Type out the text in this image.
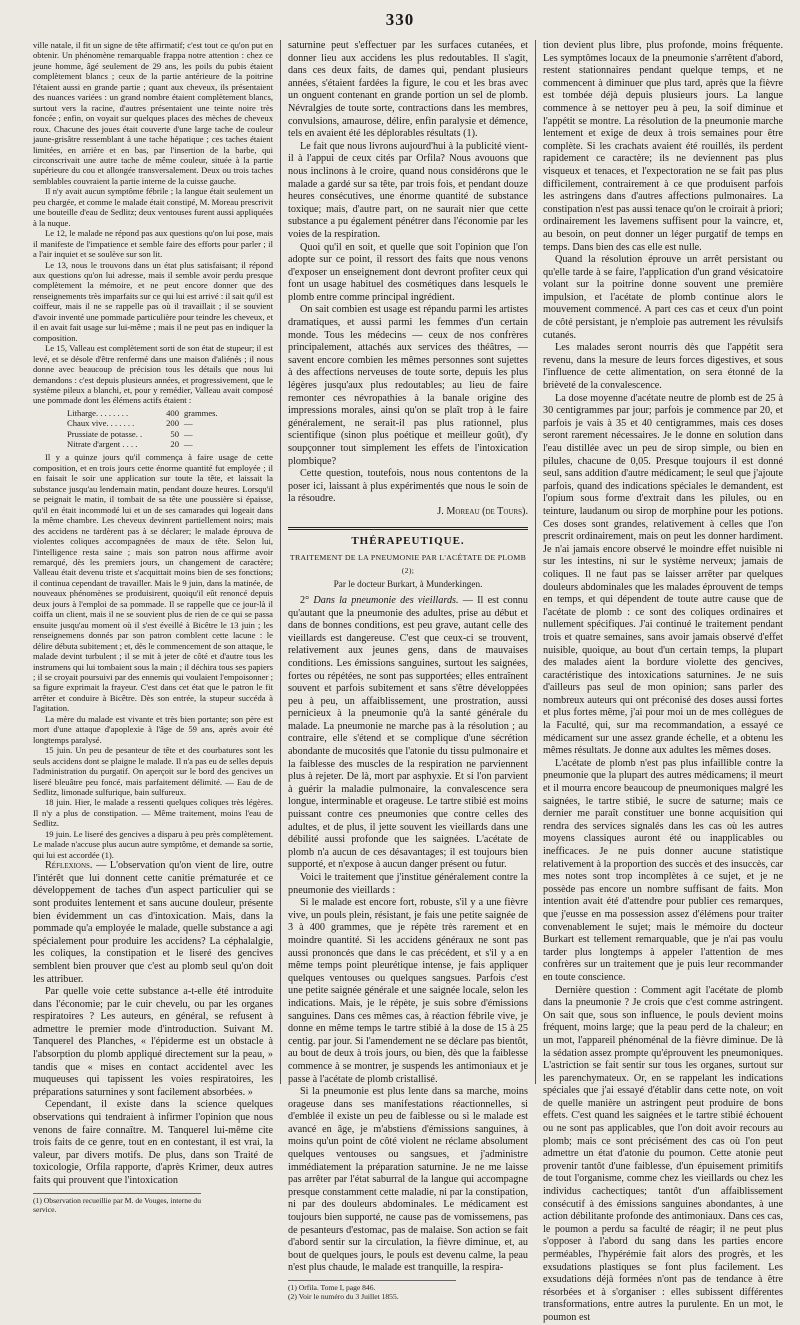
330

ville natale, il fit un signe de tête affirmatif; c'est tout ce qu'on put en obtenir. Un phénomène remarquable frappa notre attention : chez ce jeune homme, âgé seulement de 29 ans, les poils du pubis étaient complètement blancs ; ceux de la partie antérieure de la poitrine l'étaient aussi en grande partie ; quant aux cheveux, ils présentaient des nuances variées : un grand nombre étaient complètement blancs, surtout vers la racine, d'autres présentaient une teinte noire très foncée ; enfin, on voyait sur quelques places des mèches de cheveux roux. Chacune des joues était couverte d'une large tache de couleur jaune-grisâtre ressemblant à une tache hépatique ; ces taches étaient limitées, en arrière et en bas, par l'insertion de la barbe, qui circonscrivait une autre tache de même couleur, située à la partie supérieure du cou et allongée transversalement. Deux ou trois taches semblables couvraient la partie interne de la cuisse gauche.

Il n'y avait aucun symptôme fébrile ; la langue était seulement un peu chargée, et comme le malade était constipé, M. Moreau prescrivit une bouteille d'eau de Sedlitz; deux ventouses furent aussi appliquées à la nuque.

Le 12, le malade ne répond pas aux questions qu'on lui pose, mais il manifeste de l'impatience et semble faire des efforts pour parler ; il a l'air inquiet et se soulève sur son lit.

Le 13, nous le trouvons dans un état plus satisfaisant; il répond aux questions qu'on lui adresse, mais il semble avoir perdu presque complètement la mémoire, et ne peut encore donner que des renseignements très imparfaits sur ce qui lui est arrivé : il sait qu'il est coiffeur, mais il ne se rappelle pas où il travaillait ; il se souvient d'avoir inventé une pommade particulière pour teindre les cheveux, et il en avait fait usage sur lui-même ; mais il ne peut pas en indiquer la composition.

Le 15, Valleau est complètement sorti de son état de stupeur; il est levé, et se désole d'être renfermé dans une maison d'aliénés ; il nous donne avec beaucoup de précision tous les détails que nous lui demandons : c'est depuis plusieurs années, et progressivement, que le système pileux a blanchi, et, pour y remédier, Valleau avait composé une pommade dont les élémens actifs étaient :

Litharge. . . . . . . .	400 grammes.
Chaux vive. . . . . . .	200 —
Prussiate de potasse. .	50 —
Nitrate d'argent . . . .	20 —

Il y a quinze jours qu'il commença à faire usage de cette composition, et en trois jours cette énorme quantité fut employée ; il en faisait le soir une application sur toute la tête, et laissait la substance jusqu'au lendemain matin, pendant douze heures. Lorsqu'il se peignait le matin, il tombait de sa tête une poussière si épaisse, qu'il en était incommodé lui et un de ses camarades qui logeait dans la même chambre. Les cheveux devinrent partiellement noirs; mais des accidens ne tardèrent pas à se déclarer; le malade éprouva de violentes coliques accompagnées de maux de tête. Selon lui, l'intelligence resta saine ; mais son patron nous affirme avoir remarqué, dès les premiers jours, un changement de caractère; Valleau était devenu triste et s'acquittait moins bien de ses fonctions; il continua cependant de travailler. Mais le 9 juin, dans la matinée, de nouveaux phénomènes se produisirent, quoiqu'il eût renoncé depuis deux jours à l'emploi de sa pommade. Il se rappelle que ce jour-là il coiffa un client, mais il ne se souvient plus de rien de ce qui se passa ensuite jusqu'au moment où il s'est éveillé à Bicêtre le 13 juin ; les renseignemens donnés par son patron comblent cette lacune : le délire débuta subitement ; et, dès le commencement de son attaque, le malade devint turbulent ; il se mit à jeter de côté et d'autre tous les instrumens qui lui tombaient sous la main ; il déchira tous ses papiers ; il se croyait poursuivi par des ennemis qui voulaient l'empoisonner ; sa figure exprimait la frayeur. C'est dans cet état que le patron le fit arrêter et conduire à Bicêtre. Dès son entrée, la stupeur succéda à l'agitation.

La mère du malade est vivante et très bien portante; son père est mort d'une attaque d'apoplexie à l'âge de 59 ans, après avoir été longtemps paralysé.

15 juin. Un peu de pesanteur de tête et des courbatures sont les seuls accidens dont se plaigne le malade. Il n'a pas eu de selles depuis l'administration du purgatif. On aperçoit sur le bord des gencives un liseré bleuâtre peu foncé, mais parfaitement délimité. — Eau de de Sedlitz, limonade sulfurique, bain sulfureux.

18 juin. Hier, le malade a ressenti quelques coliques très légères. Il n'y a plus de constipation. — Même traitement, moins l'eau de Sedlitz.

19 juin. Le liseré des gencives a disparu à peu près complètement. Le malade n'accuse plus aucun autre symptôme, et demande sa sortie, qui lui est accordée (1).

Réflexions. — L'observation qu'on vient de lire, outre l'intérêt que lui donnent cette canitie prématurée et ce développement de taches d'un aspect particulier qui se sont produites lentement et sans aucune douleur, présente bien évidemment un cas d'intoxication. Mais, dans la pommade qu'a employée le malade, quelle substance a agi spécialement pour produire les accidens? La céphalalgie, les coliques, la constipation et le liseré des gencives semblent bien prouver que c'est au plomb seul qu'on doit les attribuer.

Par quelle voie cette substance a-t-elle été introduite dans l'économie; par le cuir chevelu, ou par les organes respiratoires ? Les auteurs, en général, se refusent à admettre le premier mode d'introduction. Suivant M. Tanquerel des Planches, « l'épiderme est un obstacle à l'absorption du plomb appliqué directement sur la peau, » tandis que « mises en contact accidentel avec les muqueuses qui tapissent les voies respiratoires, les préparations saturnines y sont facilement absorbées. »

Cependant, il existe dans la science quelques observations qui tendraient à infirmer l'opinion que nous venons de faire connaître. M. Tanquerel lui-même cite trois faits de ce genre, tout en en contestant, il est vrai, la valeur, par divers motifs. De plus, dans son Traité de toxicologie, Orfila rapporte, d'après Krimer, deux autres faits qui prouvent que l'intoxication

(1) Observation recueillie par M. de Vouges, interne du service.

saturnine peut s'effectuer par les surfaces cutanées, et donner lieu aux accidens les plus redoutables. Il s'agit, dans ces deux faits, de dames qui, pendant plusieurs années, s'étaient fardées la figure, le cou et les bras avec un onguent contenant en grande portion un sel de plomb. Névralgies de toute sorte, contractions dans les membres, convulsions, amaurose, délire, enfin paralysie et démence, tels en avaient été les déplorables résultats (1).

Le fait que nous livrons aujourd'hui à la publicité vient-il à l'appui de ceux cités par Orfila? Nous avouons que nous inclinons à le croire, quand nous considérons que le malade a gardé sur sa tête, par trois fois, et pendant douze heures consécutives, une énorme quantité de substance toxique; mais, d'autre part, on ne saurait nier que cette substance a pu également pénétrer dans l'économie par les voies de la respiration.

Quoi qu'il en soit, et quelle que soit l'opinion que l'on adopte sur ce point, il ressort des faits que nous venons d'exposer un enseignement dont devront profiter ceux qui font un usage habituel des cosmétiques dans lesquels le plomb entre comme principal ingrédient.

On sait combien est usage est répandu parmi les artistes dramatiques, et aussi parmi les femmes d'un certain monde. Tous les médecins — ceux de nos confrères principalement, attachés aux services des théâtres, — savent encore combien les mêmes personnes sont sujettes à des affections nerveuses de toute sorte, depuis les plus légères jusqu'aux plus redoutables; au lieu de faire remonter ces névropathies à la banale origine des impressions morales, ainsi qu'on se plaît trop à le faire généralement, ne serait-il pas plus rationnel, plus scientifique (sinon plus poétique et meilleur goût), d'y soupçonner tout simplement les effets de l'intoxication plombique?

Cette question, toutefois, nous nous contentons de la poser ici, laissant à plus expérimentés que nous le soin de la résoudre.

J. Moreau (de Tours).

THÉRAPEUTIQUE.
TRAITEMENT DE LA PNEUMONIE PAR L'ACÉTATE DE PLOMB (2);
Par le docteur Burkart, à Munderkingen.

2° Dans la pneumonie des vieillards. — Il est connu qu'autant que la pneumonie des adultes, prise au début et dans de bonnes conditions, est peu grave, autant celle des vieillards est dangereuse. C'est que ceux-ci se trouvent, relativement aux jeunes gens, dans de mauvaises conditions. Les émissions sanguines, surtout les saignées, fortes ou répétées, ne sont pas supportées; elles entraînent souvent et parfois subitement et sans s'être développées peu à peu, un affaiblissement, une prostration, aussi pernicieux à la pneumonie qu'à la santé générale du malade. La pneumonie ne marche pas à la résolution ; au contraire, elle s'étend et se complique d'une sécrétion abondante de mucosités que l'atonie du tissu pulmonaire et la faiblesse des muscles de la respiration ne parviennent plus à rejeter. De là, mort par asphyxie. Et si l'on parvient à guérir la maladie pulmonaire, la convalescence sera longue, interminable et orageuse. Le tartre stibié est moins puissant contre ces pneumonies que contre celles des adultes, et de plus, il jette souvent les vieillards dans une débilité aussi profonde que les saignées. L'acétate de plomb n'a aucun de ces désavantages; il est toujours bien supporté, et n'expose à aucun danger présent ou futur.

Voici le traitement que j'institue généralement contre la pneumonie des vieillards :

Si le malade est encore fort, robuste, s'il y a une fièvre vive, un pouls plein, résistant, je fais une petite saignée de 3 à 400 grammes, que je répète très rarement et en moindre quantité. Si les accidens généraux ne sont pas aussi prononcés que dans le cas précédent, et s'il y a en même temps point pleurétique intense, je fais appliquer quelques ventouses ou quelques sangsues. Parfois c'est une petite saignée générale et une saignée locale, selon les indications. Mais, je le répète, je suis sobre d'émissions sanguines. Dans ces mêmes cas, à réaction fébrile vive, je donne en même temps le tartre stibié à la dose de 15 à 25 centig. par jour. Si l'amendement ne se déclare pas bientôt, au bout de deux à trois jours, ou bien, dès que la faiblesse commence à se montrer, je suspends les antimoniaux et je passe à l'acétate de plomb cristallisé.

Si la pneumonie est plus lente dans sa marche, moins orageuse dans ses manifestations réactionnelles, si d'emblée il existe un peu de faiblesse ou si le malade est avancé en âge, je m'abstiens d'émissions sanguines, à moins qu'un point de côté violent ne réclame absolument quelques ventouses ou sangsues, et j'administre immédiatement la préparation saturnine. Je ne me laisse pas arrêter par l'état saburral de la langue qui accompagne presque constamment cette maladie, ni par la constipation, ni par des douleurs abdominales. Le médicament est toujours bien supporté, ne cause pas de vomissemens, pas de pesanteurs d'estomac, pas de malaise. Son action se fait d'abord sentir sur la circulation, la fièvre diminue, et, au bout de quelques jours, le pouls est devenu calme, la peau n'est plus chaude, le malade est tranquille, la respira-

(1) Orfila. Tome I, page 846.

(2) Voir le numéro du 3 Juillet 1855.

tion devient plus libre, plus profonde, moins fréquente. Les symptômes locaux de la pneumonie s'arrêtent d'abord, restent stationnaires pendant quelque temps, et ne commencent à diminuer que plus tard, après que la fièvre est tombée déjà depuis plusieurs jours. La langue commence à se nettoyer peu à peu, la soif diminue et l'appétit se montre. La résolution de la pneumonie marche lentement et exige de deux à trois semaines pour être complète. Si les crachats avaient été rouillés, ils perdent rapidement ce caractère; ils ne deviennent pas plus visqueux et tenaces, et l'expectoration ne se fait pas plus difficilement, contrairement à ce que produisent parfois les astringens dans d'autres affections pulmonaires. La constipation n'est pas aussi tenace qu'on le croirait à priori; ordinairement les lavemens suffisent pour la vaincre, et, au besoin, on peut donner un léger purgatif de temps en temps. Dans bien des cas elle est nulle.

Quand la résolution éprouve un arrêt persistant ou qu'elle tarde à se faire, l'application d'un grand vésicatoire volant sur la poitrine donne souvent une première impulsion, et l'acétate de plomb continue alors le mouvement commencé. A part ces cas et ceux d'un point de côté persistant, je n'emploie pas autrement les révulsifs cutanés.

Les malades seront nourris dès que l'appétit sera revenu, dans la mesure de leurs forces digestives, et sous l'influence de cette alimentation, on sera étonné de la brièveté de la convalescence.

La dose moyenne d'acétate neutre de plomb est de 25 à 30 centigrammes par jour; parfois je commence par 20, et parfois je vais à 35 et 40 centigrammes, mais ces doses seront rarement nécessaires. Je le donne en solution dans l'eau distillée avec un peu de sirop simple, ou bien en pilules, chacune de 0,05. Presque toujours il est donné seul, sans addition d'autre médicament; le seul que j'ajoute parfois, quand des indications spéciales le demandent, est l'opium sous forme d'extrait dans les pilules, ou en teinture, laudanum ou sirop de morphine pour les potions. Ces doses sont grandes, relativement à celles que l'on prescrit ordinairement, mais on peut les donner hardiment. Je n'ai jamais encore observé le moindre effet nuisible ni sur les intestins, ni sur le système nerveux; jamais de coliques. Il ne faut pas se laisser arrêter par quelques douleurs abdominales que les malades éprouvent de temps en temps, et qui dépendent de toute autre cause que de l'acétate de plomb : ce sont des coliques ordinaires et nullement spécifiques. J'ai continué le traitement pendant trois et quatre semaines, sans avoir jamais observé d'effet nuisible, quoique, au bout d'un certain temps, la plupart des malades aient la bordure violette des gencives, caractéristique des intoxications saturnines. Je ne suis d'ailleurs pas seul de mon opinion; sans parler des nombreux auteurs qui ont préconisé des doses aussi fortes et plus fortes même, j'ai pour moi un de mes collègues de la Faculté, qui, sur ma recommandation, a essayé ce médicament sur une assez grande échelle, et a obtenu les mêmes résultats. Je donne aux adultes les mêmes doses.

L'acétate de plomb n'est pas plus infaillible contre la pneumonie que la plupart des autres médicamens; il meurt et il mourra encore beaucoup de pneumoniques malgré les saignées, le tartre stibié, le sucre de saturne; mais ce dernier me paraît constituer une bonne acquisition qui rendra des services signalés dans les cas où les autres moyens classiques auront été ou inapplicables ou inefficaces. Je ne puis donner aucune statistique relativement à la proportion des succès et des insuccès, car mes notes sont trop incomplètes à ce sujet, et je ne possède pas encore un nombre suffisant de faits. Mon intention avait été d'attendre pour publier ces remarques, que j'eusse en ma possession assez d'élémens pour traiter convenablement le sujet; mais le mémoire du docteur Burkart est tellement remarquable, que je n'ai pas voulu tarder plus longtemps à appeler l'attention de mes confrères sur un traitement que je puis leur recommander en toute conscience.

Dernière question : Comment agit l'acétate de plomb dans la pneumonie ? Je crois que c'est comme astringent. On sait que, sous son influence, le pouls devient moins fréquent, moins large; que la peau perd de la chaleur; en un mot, l'appareil phénoménal de la fièvre diminue. De là la sédation assez prompte qu'éprouvent les pneumoniques. L'astriction se fait sentir sur tous les organes, surtout sur les parenchymateux. Or, en se rappelant les indications spéciales que j'ai essayé d'établir dans cette note, on voit de quelle manière un astringent peut produire de bons effets. C'est quand les saignées et le tartre stibié échouent ou ne sont pas applicables, que l'on doit avoir recours au plomb; mais ce sont précisément des cas où l'on peut admettre un état d'atonie du poumon. Cette atonie peut provenir tantôt d'une faiblesse, d'un épuisement primitifs de tout l'organisme, comme chez les vieillards ou chez les individus cachectiques; tantôt d'un affaiblissement consécutif à des émissions sanguines abondantes, à une action débilitante profonde des antimoniaux. Dans ces cas, le poumon a perdu sa faculté de réagir; il ne peut plus s'opposer à l'abord du sang dans les parties encore perméables, l'hypérémie fait alors des progrès, et les exsudations plastiques se font plus facilement. Les exsudations déjà formées n'ont pas de tendance à être résorbées et à s'organiser : elles subissent différentes transformations, entre autres la purulente. En un mot, le poumon est
